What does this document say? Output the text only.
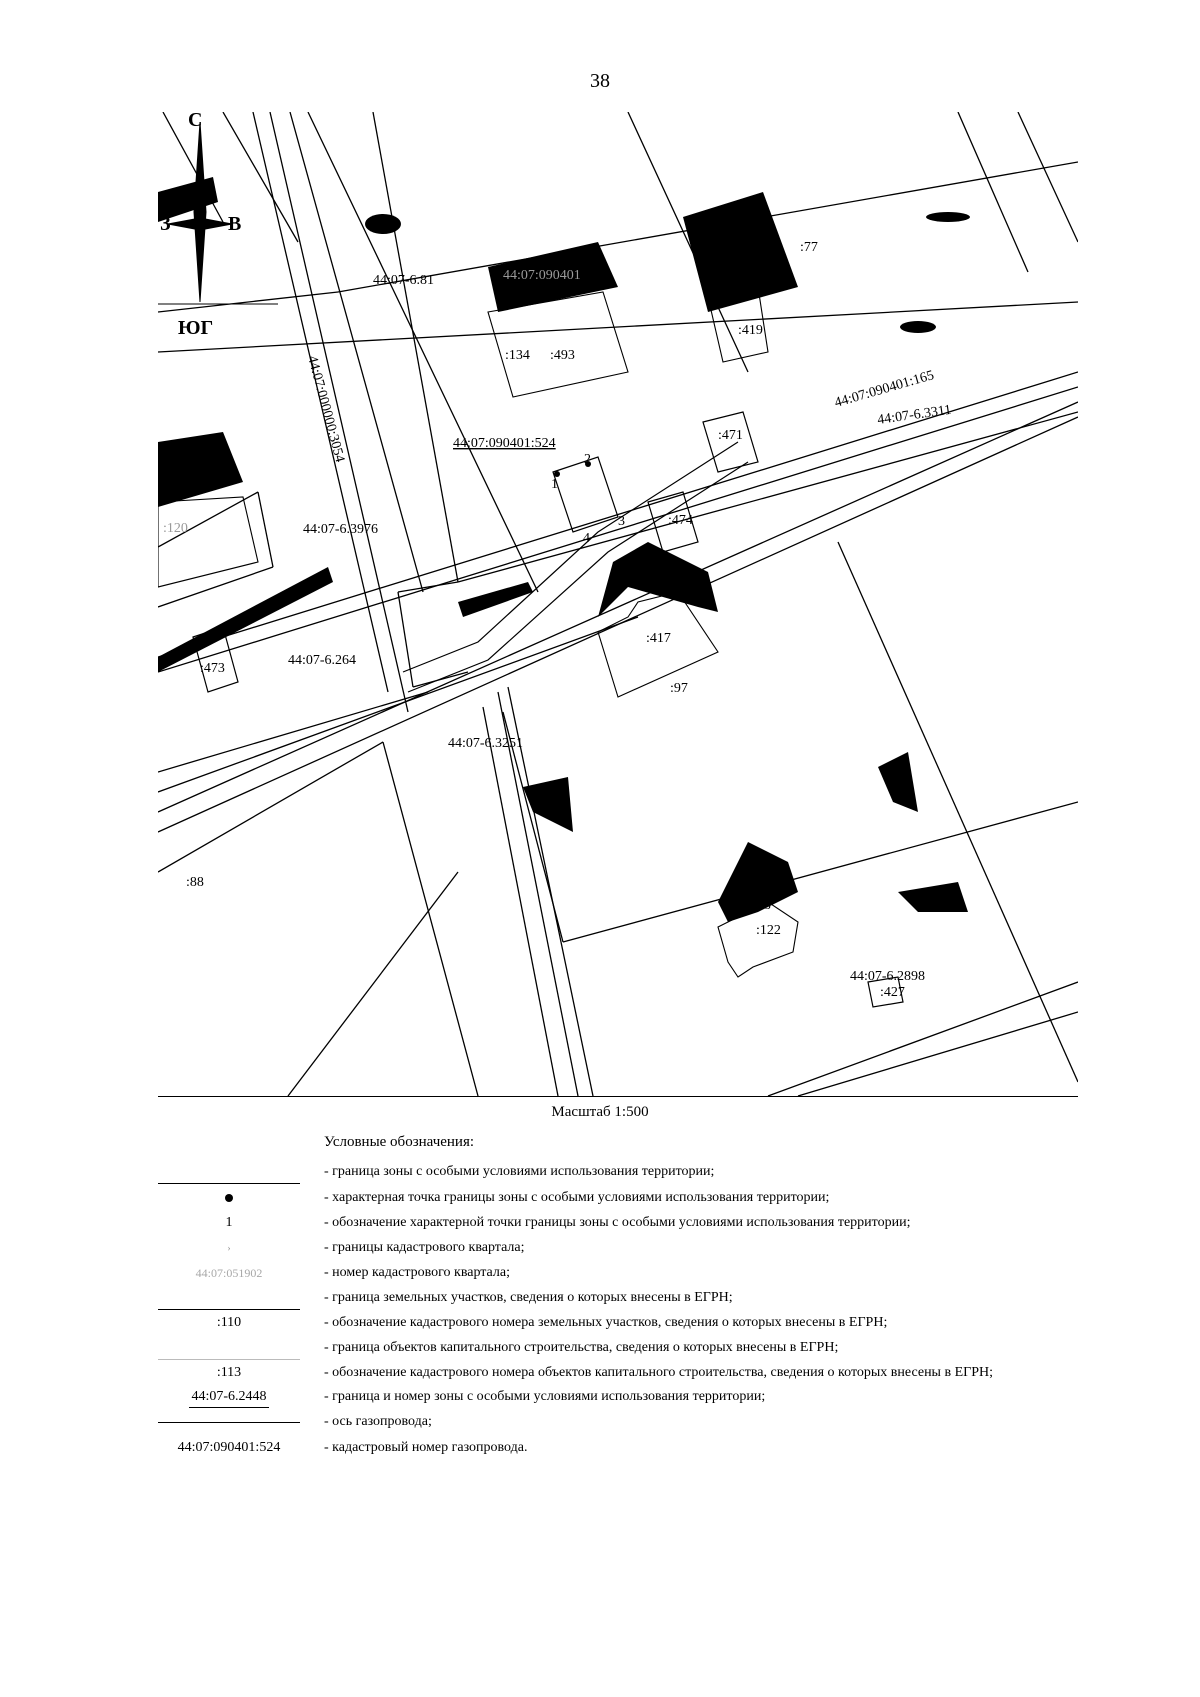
38
С
ЮГ
З	В
44:07-6.81
44:07:000000:3054
44:07:090401
:134 :493
:77
:419
44:07:090401:165
44:07-6.3311
44:07:090401:524
1
2
3
4
:471
:120	44:07-6.3976
:474
:417
:473
44:07-6.264
:97
44:07-6.3251
:88
:88
:122
44:07-6.2898
:427
Масштаб 1:500
Условные обозначения:
- граница зоны с особыми условиями использования территории;
- характерная точка границы зоны с особыми условиями использования территории;
1	- обозначение характерной точки границы зоны с особыми условиями использования территории;
›	- границы кадастрового квартала;
44:07:051902	- номер кадастрового квартала;
- граница земельных участков, сведения о которых внесены в ЕГРН;
:110	- обозначение кадастрового номера земельных участков, сведения о которых внесены в ЕГРН;
- граница объектов капитального строительства, сведения о которых внесены в ЕГРН;
:113	- обозначение кадастрового номера объектов капитального строительства, сведения о которых внесены в ЕГРН;
44:07-6.2448	- граница и номер зоны с особыми условиями использования территории;
- ось газопровода;
44:07:090401:524	- кадастровый номер газопровода.
